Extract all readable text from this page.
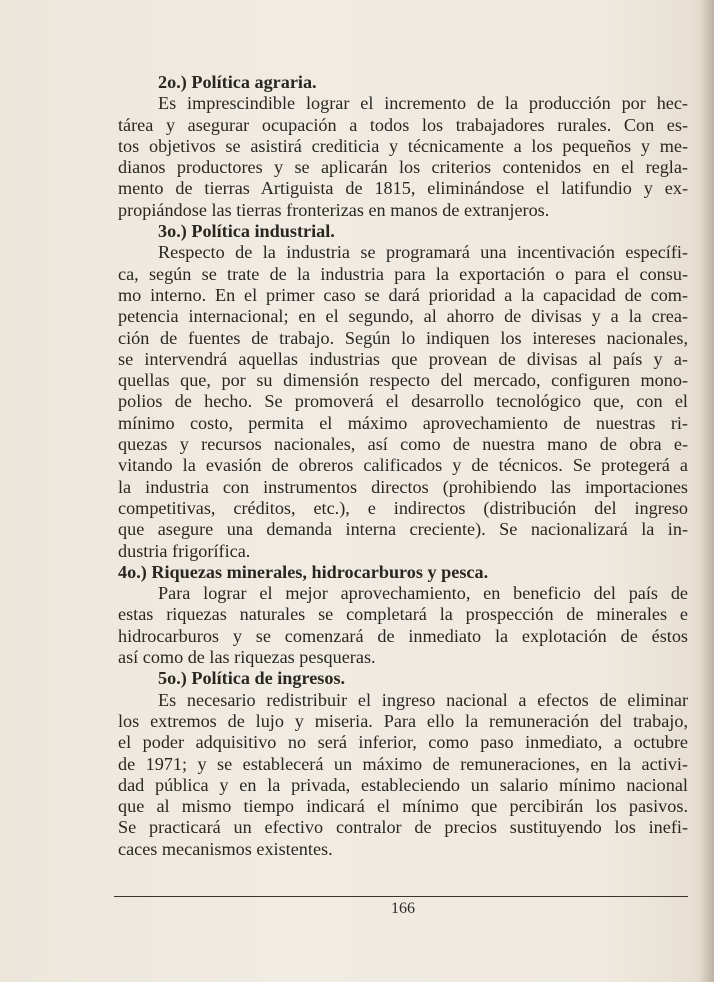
2o.) Política agraria.
Es imprescindible lograr el incremento de la producción por hec-
tárea y asegurar ocupación a todos los trabajadores rurales. Con es-
tos objetivos se asistirá crediticia y técnicamente a los pequeños y me-
dianos productores y se aplicarán los criterios contenidos en el regla-
mento de tierras Artiguista de 1815, eliminándose el latifundio y ex-
propiándose las tierras fronterizas en manos de extranjeros.
3o.) Política industrial.
Respecto de la industria se programará una incentivación específi-
ca, según se trate de la industria para la exportación o para el consu-
mo interno. En el primer caso se dará prioridad a la capacidad de com-
petencia internacional; en el segundo, al ahorro de divisas y a la crea-
ción de fuentes de trabajo. Según lo indiquen los intereses nacionales,
se intervendrá aquellas industrias que provean de divisas al país y a-
quellas que, por su dimensión respecto del mercado, configuren mono-
polios de hecho. Se promoverá el desarrollo tecnológico que, con el
mínimo costo, permita el máximo aprovechamiento de nuestras ri-
quezas y recursos nacionales, así como de nuestra mano de obra e-
vitando la evasión de obreros calificados y de técnicos. Se protegerá a
la industria con instrumentos directos (prohibiendo las importaciones
competitivas, créditos, etc.), e indirectos (distribución del ingreso
que asegure una demanda interna creciente). Se nacionalizará la in-
dustria frigorífica.
4o.) Riquezas minerales, hidrocarburos y pesca.
Para lograr el mejor aprovechamiento, en beneficio del país de
estas riquezas naturales se completará la prospección de minerales e
hidrocarburos y se comenzará de inmediato la explotación de éstos
así como de las riquezas pesqueras.
5o.) Política de ingresos.
Es necesario redistribuir el ingreso nacional a efectos de eliminar
los extremos de lujo y miseria. Para ello la remuneración del trabajo,
el poder adquisitivo no será inferior, como paso inmediato, a octubre
de 1971; y se establecerá un máximo de remuneraciones, en la activi-
dad pública y en la privada, estableciendo un salario mínimo nacional
que al mismo tiempo indicará el mínimo que percibirán los pasivos.
Se practicará un efectivo contralor de precios sustituyendo los inefi-
caces mecanismos existentes.
166
